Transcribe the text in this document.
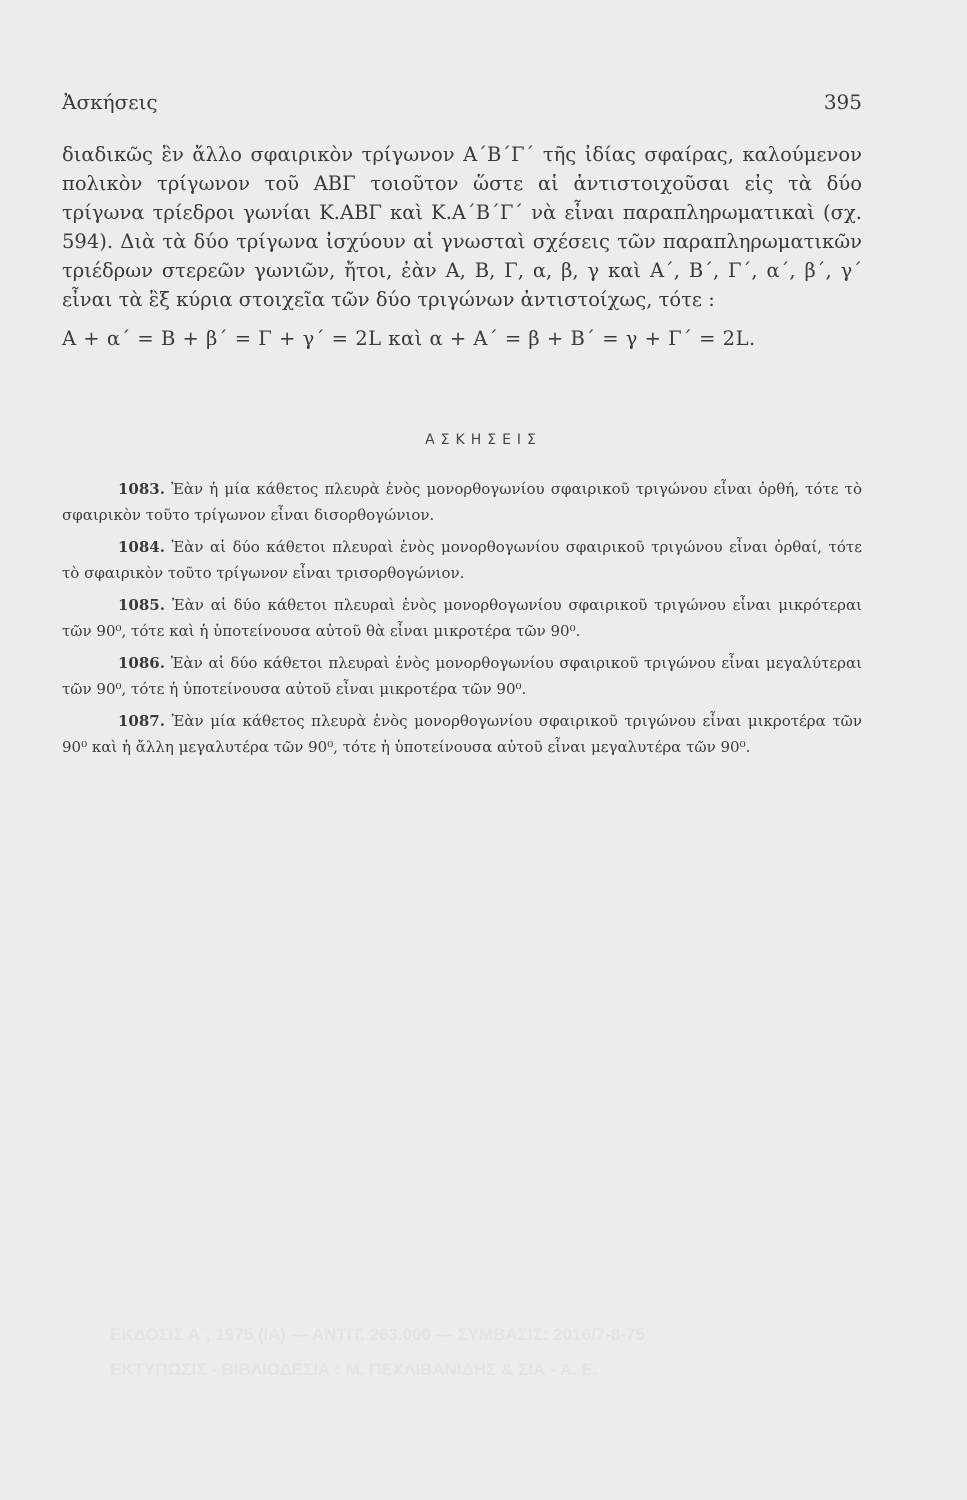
Ἀσκήσεις	395

διαδικῶς ἓν ἄλλο σφαιρικὸν τρίγωνον Α΄Β΄Γ΄ τῆς ἰδίας σφαίρας, καλούμενον πολικὸν τρίγωνον τοῦ ΑΒΓ τοιοῦτον ὥστε αἱ ἀντιστοιχοῦσαι εἰς τὰ δύο τρίγωνα τρίεδροι γωνίαι Κ.ΑΒΓ καὶ Κ.Α΄Β΄Γ΄ νὰ εἶναι παραπληρωματικαὶ (σχ. 594). Διὰ τὰ δύο τρίγωνα ἰσχύουν αἱ γνωσταὶ σχέσεις τῶν παραπληρωματικῶν τριέδρων στερεῶν γωνιῶν, ἤτοι, ἐὰν Α, Β, Γ, α, β, γ καὶ Α΄, Β΄, Γ΄, α΄, β΄, γ΄ εἶναι τὰ ἓξ κύρια στοιχεῖα τῶν δύο τριγώνων ἀντιστοίχως, τότε :

Α + α΄ = Β + β΄ = Γ + γ΄ = 2L καὶ α + Α΄ = β + Β΄ = γ + Γ΄ = 2L.

ΑΣΚΗΣΕΙΣ

1083. Ἐὰν ἡ μία κάθετος πλευρὰ ἑνὸς μονορθογωνίου σφαιρικοῦ τριγώνου εἶναι ὀρθή, τότε τὸ σφαιρικὸν τοῦτο τρίγωνον εἶναι δισορθογώνιον.

1084. Ἐὰν αἱ δύο κάθετοι πλευραὶ ἑνὸς μονορθογωνίου σφαιρικοῦ τριγώνου εἶναι ὀρθαί, τότε τὸ σφαιρικὸν τοῦτο τρίγωνον εἶναι τρισορθογώνιον.

1085. Ἐὰν αἱ δύο κάθετοι πλευραὶ ἑνὸς μονορθογωνίου σφαιρικοῦ τριγώνου εἶναι μικρότεραι τῶν 90⁰, τότε καὶ ἡ ὑποτείνουσα αὐτοῦ θὰ εἶναι μικροτέρα τῶν 90⁰.

1086. Ἐὰν αἱ δύο κάθετοι πλευραὶ ἑνὸς μονορθογωνίου σφαιρικοῦ τριγώνου εἶναι μεγαλύτεραι τῶν 90⁰, τότε ἡ ὑποτείνουσα αὐτοῦ εἶναι μικροτέρα τῶν 90⁰.

1087. Ἐὰν μία κάθετος πλευρὰ ἑνὸς μονορθογωνίου σφαιρικοῦ τριγώνου εἶναι μικροτέρα τῶν 90⁰ καὶ ἡ ἄλλη μεγαλυτέρα τῶν 90⁰, τότε ἡ ὑποτείνουσα αὐτοῦ εἶναι μεγαλυτέρα τῶν 90⁰.

ΕΚΔΟΣΙΣ Α΄, 1975 (IA) — ΑΝΤΙΤ. 263.000 — ΣΥΜΒΑΣΙΣ: 2016/7-8-75
ΕΚΤΥΠΩΣΙΣ - ΒΙΒΛΙΟΔΕΣΙΑ : Μ. ΠΕΧΛΙΒΑΝΙΔΗΣ & ΣΙΑ - Α. Ε.
